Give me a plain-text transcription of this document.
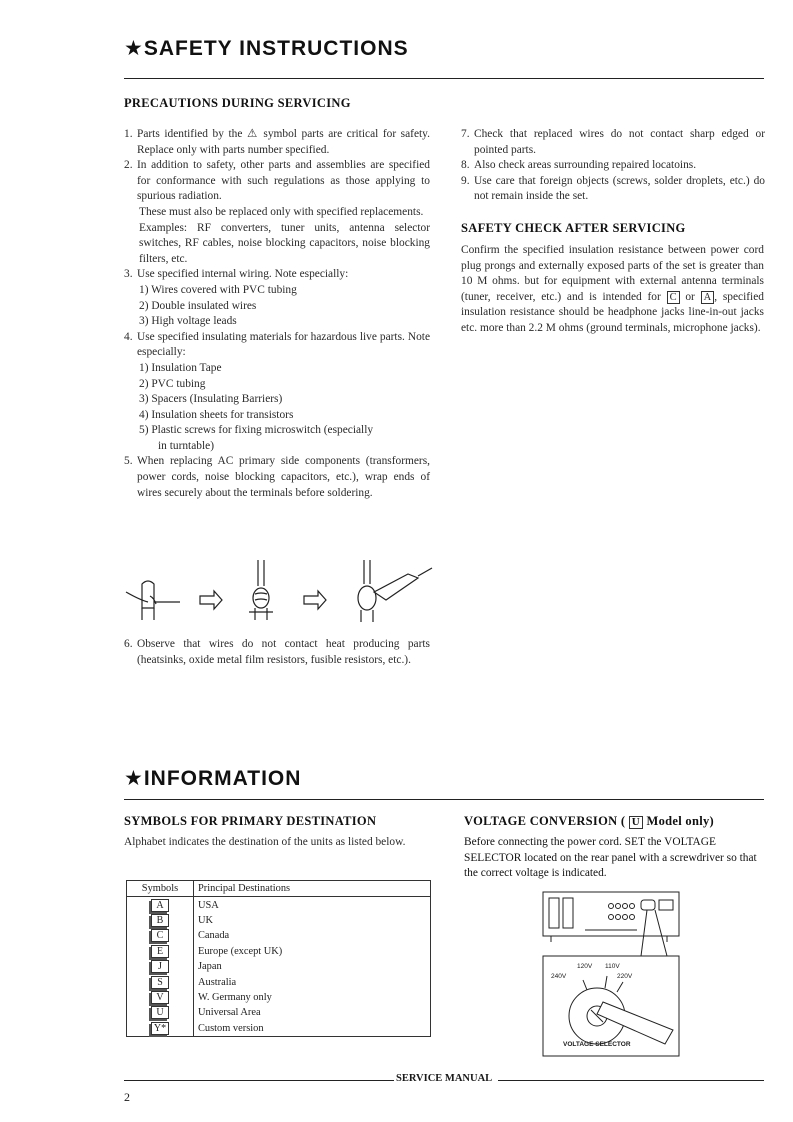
★SAFETY INSTRUCTIONS
PRECAUTIONS DURING SERVICING
1. Parts identified by the ⚠ symbol parts are critical for safety. Replace only with parts number specified.
2. In addition to safety, other parts and assemblies are specified for conformance with such regulations as those applying to spurious radiation.
These must also be replaced only with specified replacements.
Examples: RF converters, tuner units, antenna selector switches, RF cables, noise blocking capacitors, noise blocking filters, etc.
3. Use specified internal wiring. Note especially:
1) Wires covered with PVC tubing
2) Double insulated wires
3) High voltage leads
4. Use specified insulating materials for hazardous live parts. Note especially:
1) Insulation Tape
2) PVC tubing
3) Spacers (Insulating Barriers)
4) Insulation sheets for transistors
5) Plastic screws for fixing microswitch (especially
in turntable)
5. When replacing AC primary side components (transformers, power cords, noise blocking capacitors, etc.), wrap ends of wires securely about the terminals before soldering.
6. Observe that wires do not contact heat producing parts (heatsinks, oxide metal film resistors, fusible resistors, etc.).
7. Check that replaced wires do not contact sharp edged or pointed parts.
8. Also check areas surrounding repaired locatoins.
9. Use care that foreign objects (screws, solder droplets, etc.) do not remain inside the set.
SAFETY CHECK AFTER SERVICING
Confirm the specified insulation resistance between power cord plug prongs and externally exposed parts of the set is greater than 10 M ohms. but for equipment with external antenna terminals (tuner, receiver, etc.) and is intended for C or A , specified insulation resistance should be headphone jacks line-in-out jacks etc. more than 2.2 M ohms (ground terminals, microphone jacks).
★INFORMATION
SYMBOLS FOR PRIMARY DESTINATION
Alphabet indicates the destination of the units as listed below.
Symbols	Principal Destinations
A	USA
B	UK
C	Canada
E	Europe (except UK)
J	Japan
S	Australia
V	W. Germany only
U	Universal Area
Y*	Custom version
VOLTAGE CONVERSION ( U Model only)
Before connecting the power cord. SET the VOLTAGE SELECTOR located on the rear panel with a screwdriver so that the correct voltage is indicated.
120V 110V
240V	220V
VOLTAGE SELECTOR
SERVICE MANUAL
2
